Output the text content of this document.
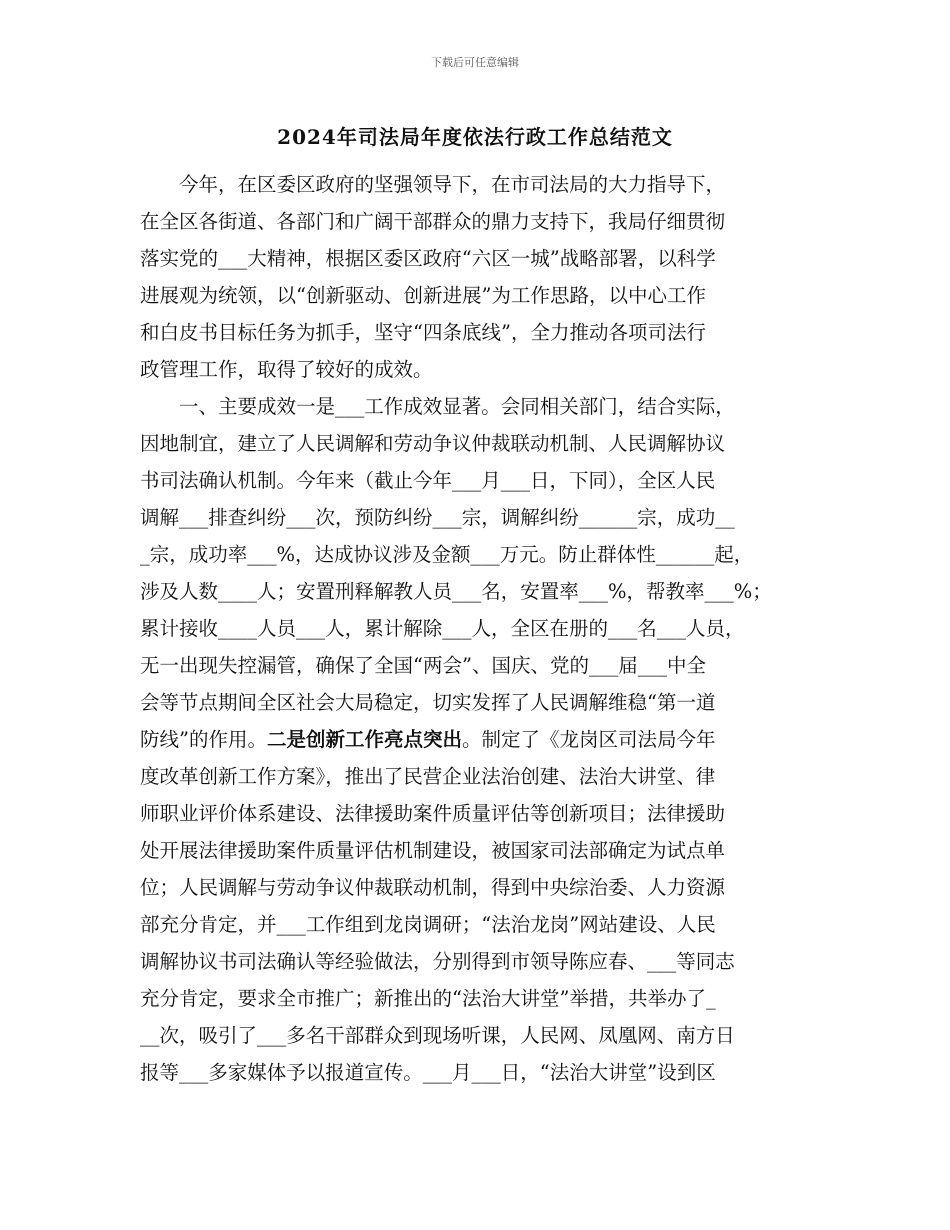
下载后可任意编辑
2024年司法局年度依法行政工作总结范文
今年，在区委区政府的坚强领导下，在市司法局的大力指导下，
在全区各街道、各部门和广阔干部群众的鼎力支持下，我局仔细贯彻
落实党的___大精神，根据区委区政府“六区一城”战略部署，以科学
进展观为统领，以“创新驱动、创新进展”为工作思路，以中心工作
和白皮书目标任务为抓手，坚守“四条底线”，全力推动各项司法行
政管理工作，取得了较好的成效。
一、主要成效一是___工作成效显著。会同相关部门，结合实际，
因地制宜，建立了人民调解和劳动争议仲裁联动机制、人民调解协议
书司法确认机制。今年来（截止今年___月___日，下同），全区人民
调解___排查纠纷___次，预防纠纷___宗，调解纠纷______宗，成功__
_宗，成功率___%，达成协议涉及金额___万元。防止群体性______起，
涉及人数____人；安置刑释解教人员___名，安置率___%，帮教率___%；
累计接收____人员___人，累计解除___人，全区在册的___名___人员，
无一出现失控漏管，确保了全国“两会”、国庆、党的___届___中全
会等节点期间全区社会大局稳定，切实发挥了人民调解维稳“第一道
防线”的作用。二是创新工作亮点突出。制定了《龙岗区司法局今年
度改革创新工作方案》，推出了民营企业法治创建、法治大讲堂、律
师职业评价体系建设、法律援助案件质量评估等创新项目；法律援助
处开展法律援助案件质量评估机制建设，被国家司法部确定为试点单
位；人民调解与劳动争议仲裁联动机制，得到中央综治委、人力资源
部充分肯定，并___工作组到龙岗调研；“法治龙岗”网站建设、人民
调解协议书司法确认等经验做法，分别得到市领导陈应春、___等同志
充分肯定，要求全市推广；新推出的“法治大讲堂”举措，共举办了_
__次，吸引了___多名干部群众到现场听课，人民网、凤凰网、南方日
报等___多家媒体予以报道宣传。___月___日，“法治大讲堂”设到区
